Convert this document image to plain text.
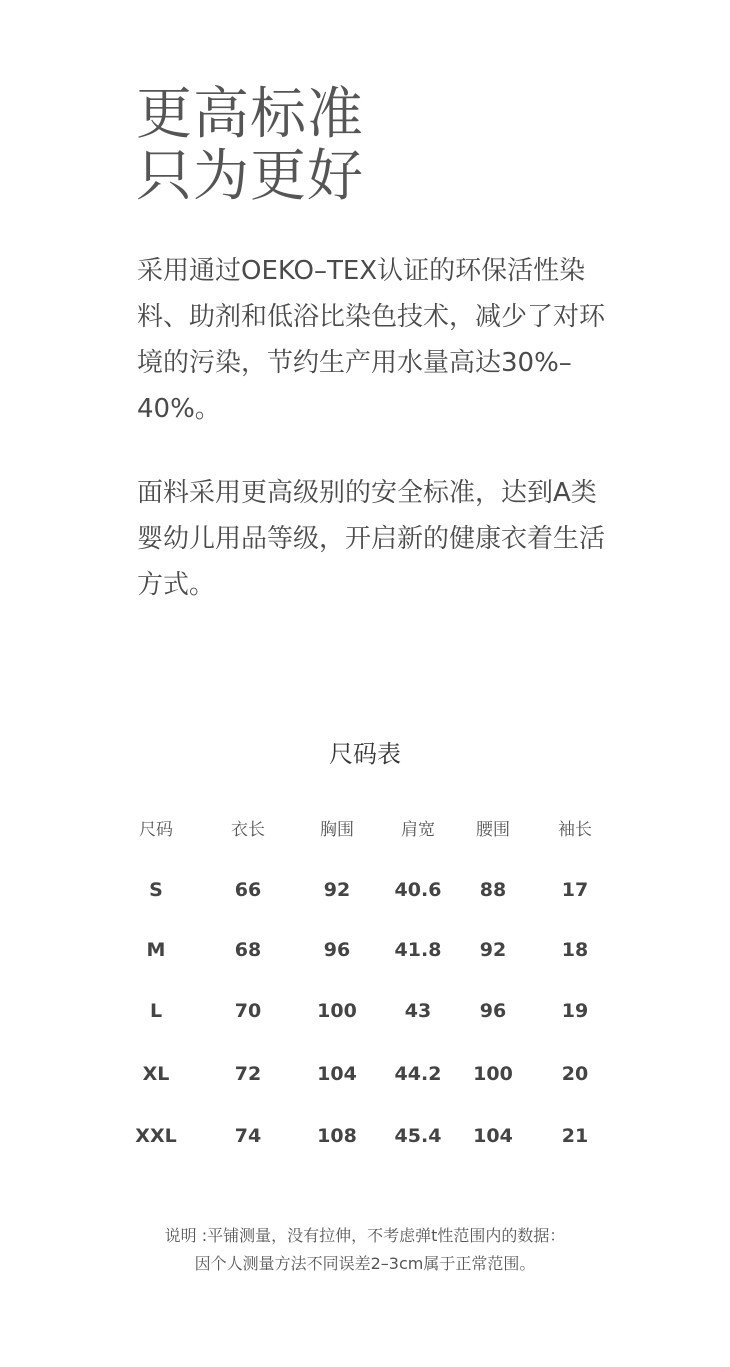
更高标准
只为更好

采用通过OEKO–TEX认证的环保活性染料、助剂和低浴比染色技术，减少了对环境的污染，节约生产用水量高达30%–40%。

面料采用更高级别的安全标准，达到A类婴幼儿用品等级，开启新的健康衣着生活方式。

尺码表
尺码	衣长	胸围	肩宽	腰围	袖长
S	66	92	40.6	88	17
M	68	96	41.8	92	18
L	70	100	43	96	19
XL	72	104	44.2	100	20
XXL	74	108	45.4	104	21
说明 :平铺测量，没有拉伸，不考虑弹t性范围内的数据：
因个人测量方法不同误差2–3cm属于正常范围。
